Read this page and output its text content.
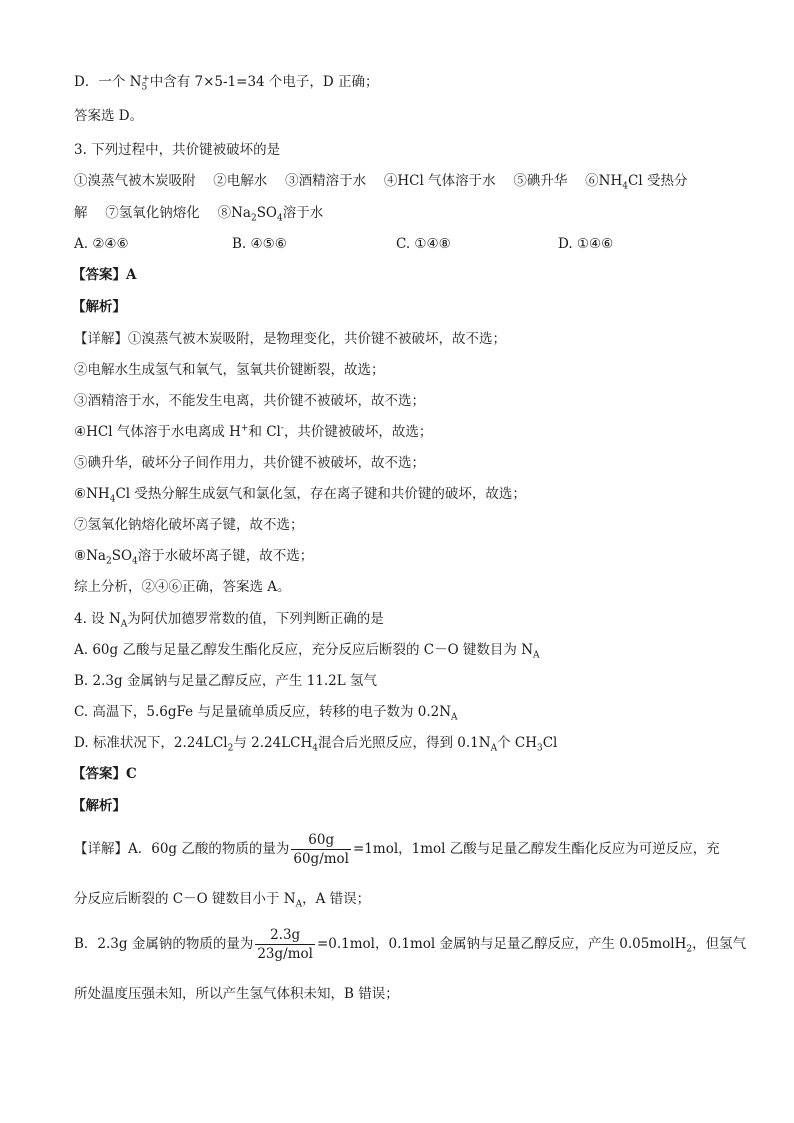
D．一个 $N_5^+$中含有 7×5-1=34 个电子，D 正确；
答案选 D。
3. 下列过程中，共价键被破坏的是
①溴蒸气被木炭吸附　 ②电解水　 ③酒精溶于水　 ④HCl 气体溶于水　 ⑤碘升华　 $⑥NH_4Cl$ 受热分
解　 ⑦氢氧化钠熔化　 $⑧Na_2SO_4$溶于水
A. ②④⑥	B. ④⑤⑥	C. ①④⑧	D. ①④⑥
【答案】A
【解析】
【详解】①溴蒸气被木炭吸附，是物理变化，共价键不被破坏，故不选；
②电解水生成氢气和氧气，氢氧共价键断裂，故选；
③酒精溶于水，不能发生电离，共价键不被破坏，故不选；
④HCl 气体溶于水电离成 H+和 Cl-，共价键被破坏，故选；
⑤碘升华，破坏分子间作用力，共价键不被破坏，故不选；
$⑥NH_4Cl$ 受热分解生成氨气和氯化氢，存在离子键和共价键的破坏，故选；
⑦氢氧化钠熔化破坏离子键，故不选；
$⑧Na_2SO_4$溶于水破坏离子键，故不选；
综上分析，②④⑥正确，答案选 A。
4. 设 $N_A$为阿伏加德罗常数的值，下列判断正确的是
A. 60g 乙酸与足量乙醇发生酯化反应，充分反应后断裂的 C－O 键数目为 $N_A$
B. 2.3g 金属钠与足量乙醇反应，产生 11.2L 氢气
C. 高温下，5.6gFe 与足量硫单质反应，转移的电子数为 $0.2N_A$
D. 标准状况下，2.24LCl$_2$与 $2.24LCH_4$混合后光照反应，得到 $0.1N_A$个 $CH_3Cl$
【答案】C
【解析】
【详解】A．60g 乙酸的物质的量为 $\frac{60g}{\text{60g/mol}} =1mol$，1mol 乙酸与足量乙醇发生酯化反应为可逆反应，充
分反应后断裂的 C－O 键数目小于 $N_A$，A 错误；
B．2.3g 金属钠的物质的量为 $\frac{2.3g}{\text{23g/mol}} =0.1mol$，0.1mol 金属钠与足量乙醇反应，产生 0.05molH$_2$，但氢气
所处温度压强未知，所以产生氢气体积未知，B 错误；
